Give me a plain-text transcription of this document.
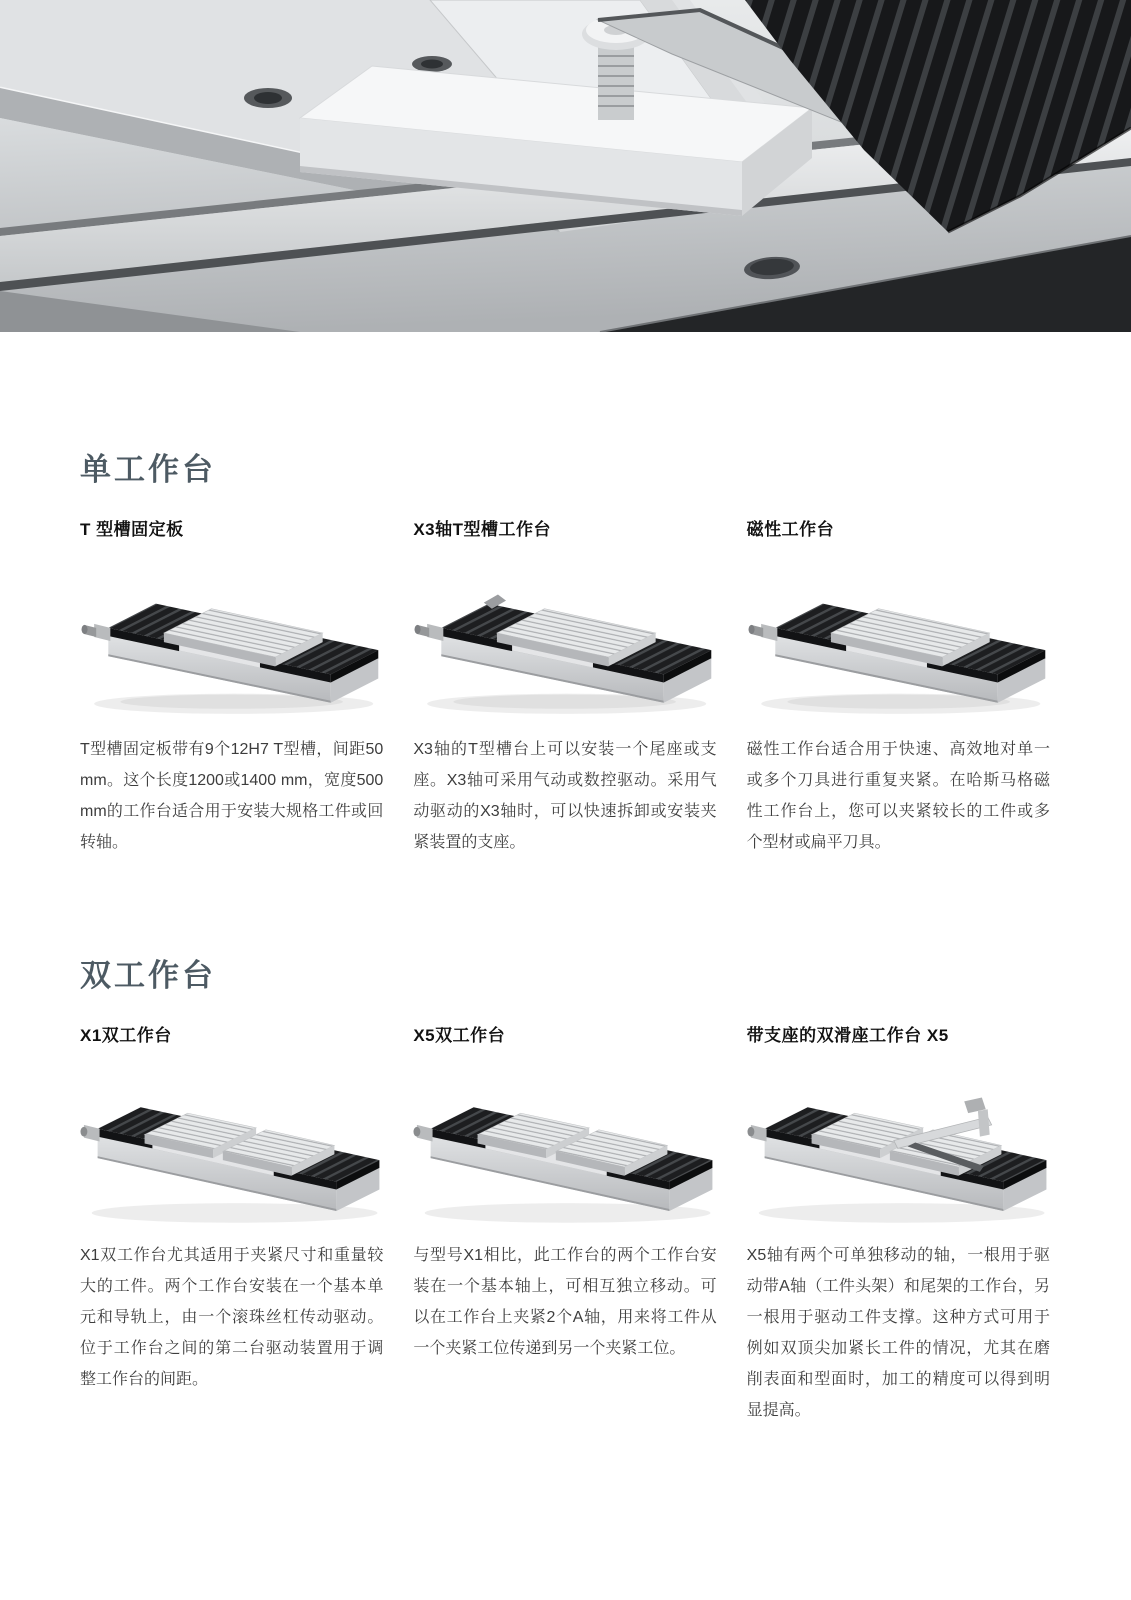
单工作台
T 型槽固定板

T型槽固定板带有9个12H7 T型槽，间距50 mm。这个长度1200或1400 mm，宽度500 mm的工作台适合用于安装大规格工件或回转轴。

X3轴T型槽工作台

X3轴的T型槽台上可以安装一个尾座或支座。X3轴可采用气动或数控驱动。采用气动驱动的X3轴时，可以快速拆卸或安装夹紧装置的支座。

磁性工作台

磁性工作台适合用于快速、高效地对单一或多个刀具进行重复夹紧。在哈斯马格磁性工作台上，您可以夹紧较长的工件或多个型材或扁平刀具。

双工作台
X1双工作台

X1双工作台尤其适用于夹紧尺寸和重量较大的工件。两个工作台安装在一个基本单元和导轨上，由一个滚珠丝杠传动驱动。位于工作台之间的第二台驱动装置用于调整工作台的间距。

X5双工作台

与型号X1相比，此工作台的两个工作台安装在一个基本轴上，可相互独立移动。可以在工作台上夹紧2个A轴，用来将工件从一个夹紧工位传递到另一个夹紧工位。

带支座的双滑座工作台 X5

X5轴有两个可单独移动的轴，一根用于驱动带A轴（工件头架）和尾架的工作台，另一根用于驱动工件支撑。这种方式可用于例如双顶尖加紧长工件的情况，尤其在磨削表面和型面时，加工的精度可以得到明显提高。
